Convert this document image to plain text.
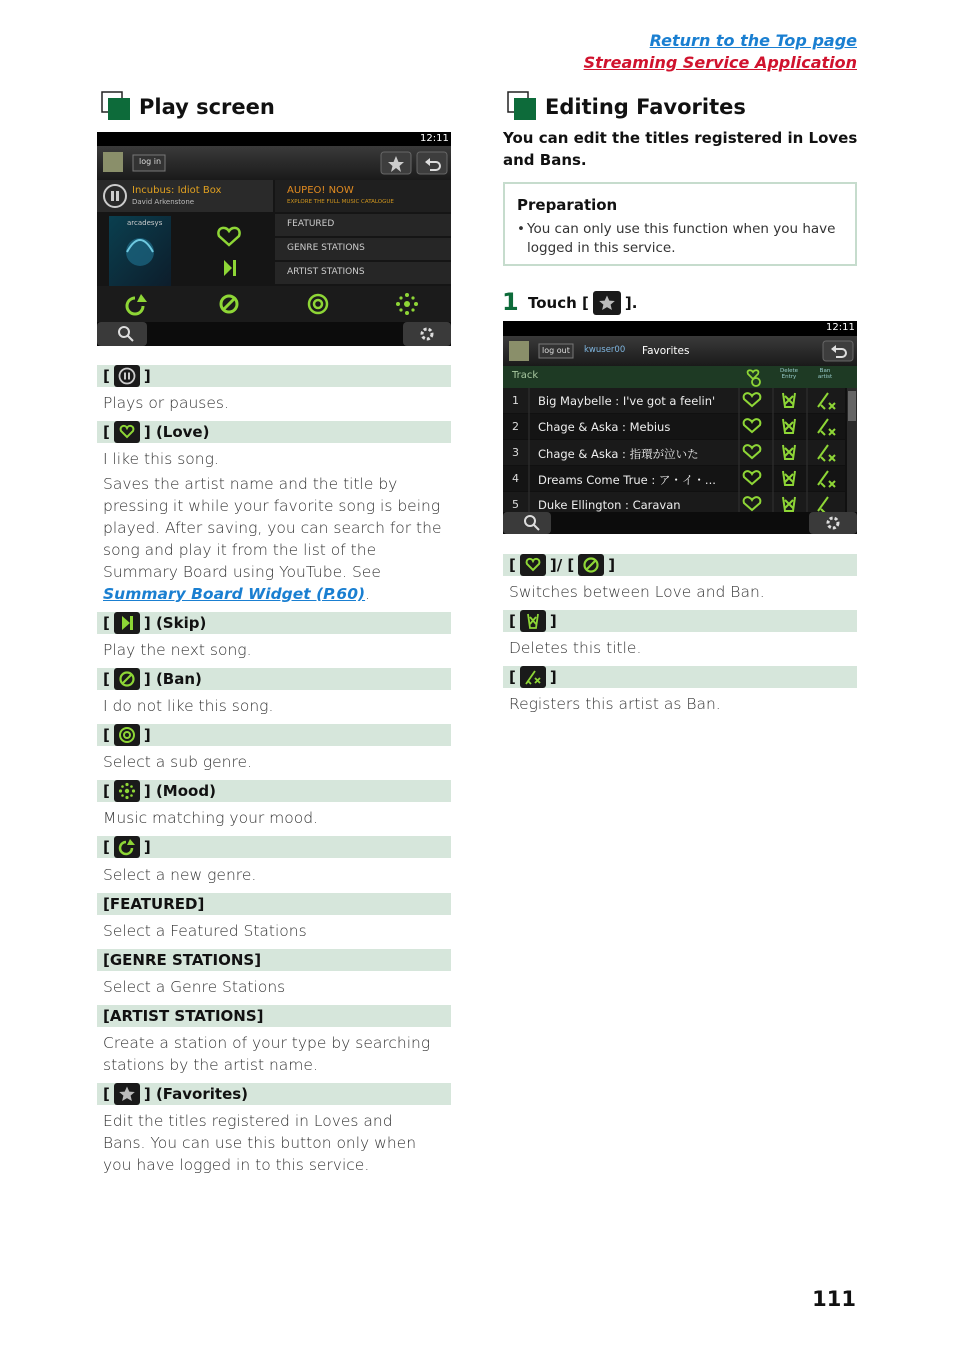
Return to the Top page
Streaming Service Application
Play screen
12:11
log in
Incubus: Idiot Box
David Arkenstone
AUPEO! NOW
EXPLORE THE FULL MUSIC CATALOGUE
arcadesys	FEATURED
GENRE STATIONS
ARTIST STATIONS
[ ]
Plays or pauses.
[ ] (Love)
I like this song.
Saves the artist name and the title by pressing it while your favorite song is being played. After saving, you can search for the song and play it from the list of the Summary Board using YouTube. See Summary Board Widget (P.60).
[ ] (Skip)
Play the next song.
[ ] (Ban)
I do not like this song.
[ ]
Select a sub genre.
[ ] (Mood)
Music matching your mood.
[ ]
Select a new genre.
[FEATURED]
Select a Featured Stations
[GENRE STATIONS]
Select a Genre Stations
[ARTIST STATIONS]
Create a station of your type by searching stations by the artist name.
[ ] (Favorites)
Edit the titles registered in Loves and Bans. You can use this button only when you have logged in to this service.
Editing Favorites
You can edit the titles registered in Loves and Bans.
Preparation
• You can only use this function when you have logged in this service.
1 Touch [ ].
12:11
log out kwuser00 Favorites
Track	Delete Entry
Ban artist
1 Big Maybelle : I've got a feelin'
2 Chage & Aska : Mebius
3 Chage & Aska : 指環が泣いた
4 Dreams Come True : ア・イ・...
5 Duke Ellington : Caravan
[ ]/ [ ]
Switches between Love and Ban.
[ ]
Deletes this title.
[ ]
Registers this artist as Ban.
111
